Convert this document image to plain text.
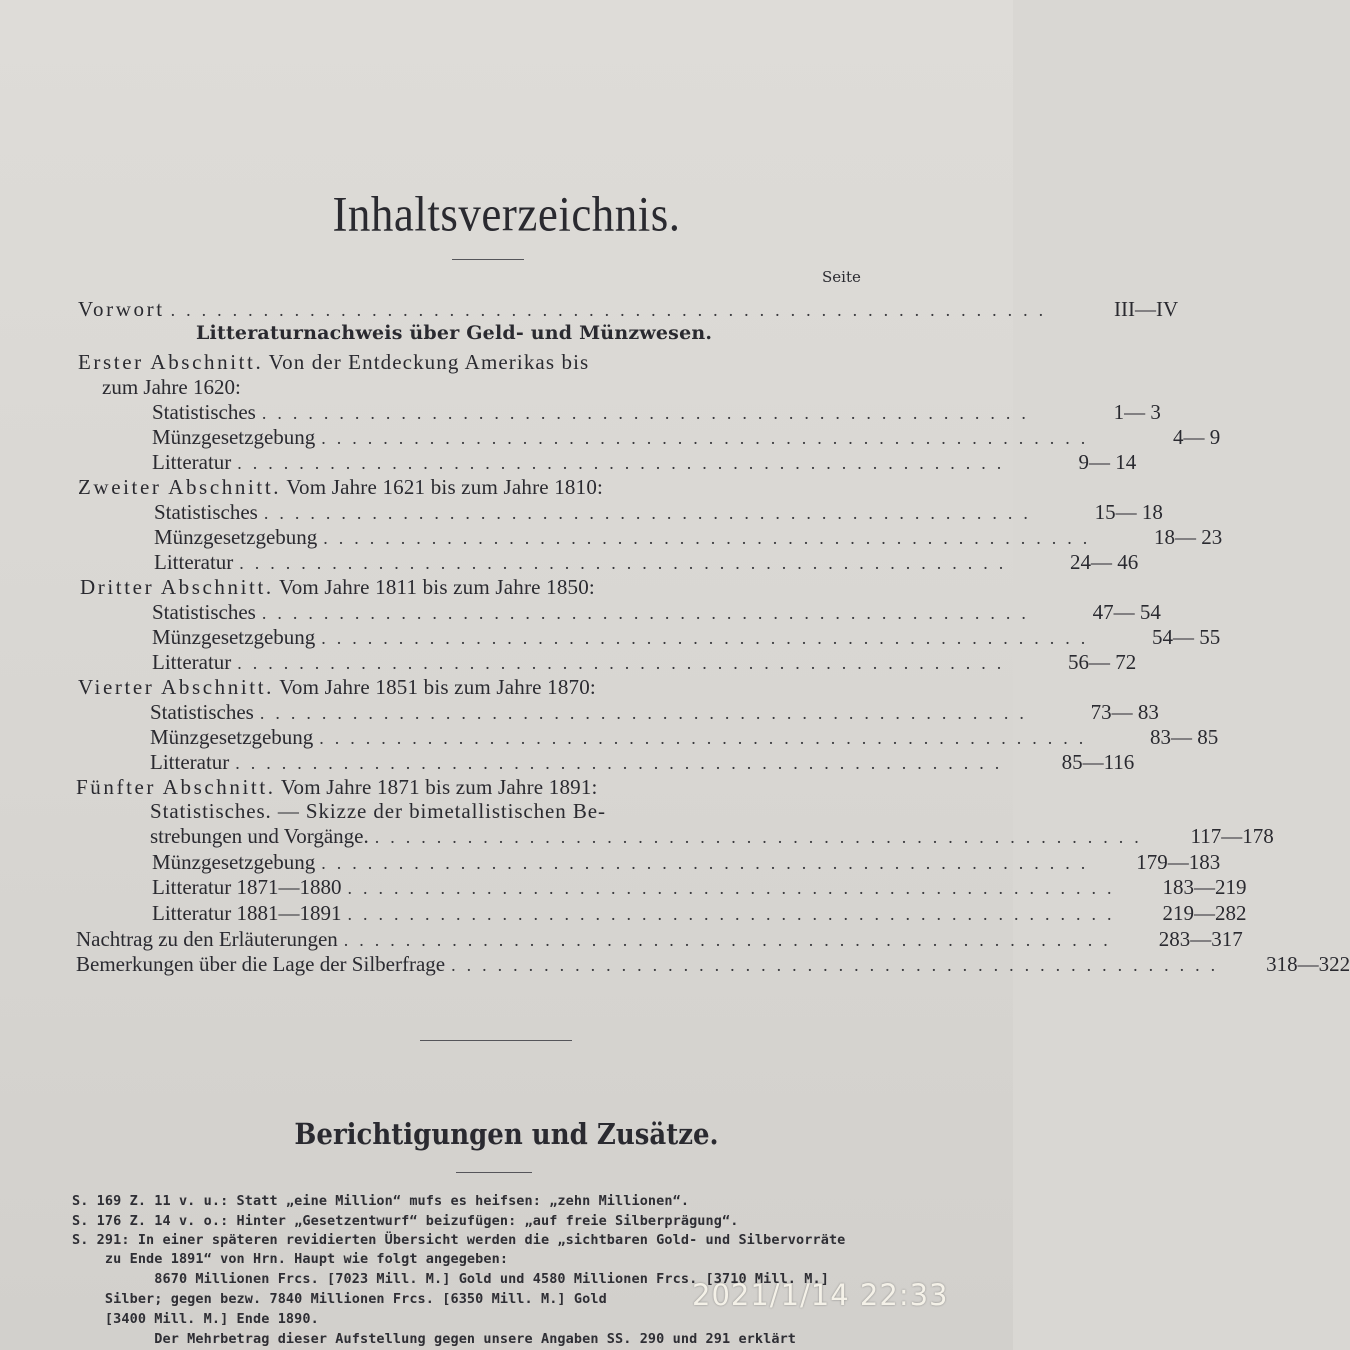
Inhaltsverzeichnis.
Seite
Vorwort .........................................................	III—IV
Litteraturnachweis über Geld- und Münzwesen.
Erster Abschnitt. Von der Entdeckung Amerikas bis
zum Jahre 1620:
Statistisches ..................................................	1— 3
Münzgesetzgebung ..................................................	4— 9
Litteratur ..................................................	9— 14
Zweiter Abschnitt. Vom Jahre 1621 bis zum Jahre 1810:
Statistisches ..................................................	15— 18
Münzgesetzgebung ..................................................	18— 23
Litteratur ..................................................	24— 46
Dritter Abschnitt. Vom Jahre 1811 bis zum Jahre 1850:
Statistisches ..................................................	47— 54
Münzgesetzgebung ..................................................	54— 55
Litteratur ..................................................	56— 72
Vierter Abschnitt. Vom Jahre 1851 bis zum Jahre 1870:
Statistisches ..................................................	73— 83
Münzgesetzgebung ..................................................	83— 85
Litteratur ..................................................	85—116
Fünfter Abschnitt. Vom Jahre 1871 bis zum Jahre 1891:
Statistisches. — Skizze der bimetallistischen Be-
strebungen und Vorgänge. ..................................................	117—178
Münzgesetzgebung ..................................................	179—183
Litteratur 1871—1880 ..................................................	183—219
Litteratur 1881—1891 ..................................................	219—282
Nachtrag zu den Erläuterungen ..................................................	283—317
Bemerkungen über die Lage der Silberfrage ..................................................	318—322
Berichtigungen und Zusätze.
S. 169 Z. 11 v. u.: Statt „eine Million“ mufs es heifsen: „zehn Millionen“.
S. 176 Z. 14 v. o.: Hinter „Gesetzentwurf“ beizufügen: „auf freie Silberprägung“.
S. 291: In einer späteren revidierten Übersicht werden die „sichtbaren Gold- und Silbervorräte
zu Ende 1891“ von Hrn. Haupt wie folgt angegeben:
8670 Millionen Frcs. [7023 Mill. M.] Gold und 4580 Millionen Frcs. [3710 Mill. M.]
Silber; gegen bezw. 7840 Millionen Frcs. [6350 Mill. M.] Gold
[3400 Mill. M.] Ende 1890.
Der Mehrbetrag dieser Aufstellung gegen unsere Angaben SS. 290 und 291 erklärt
2021/1/14 22:33
